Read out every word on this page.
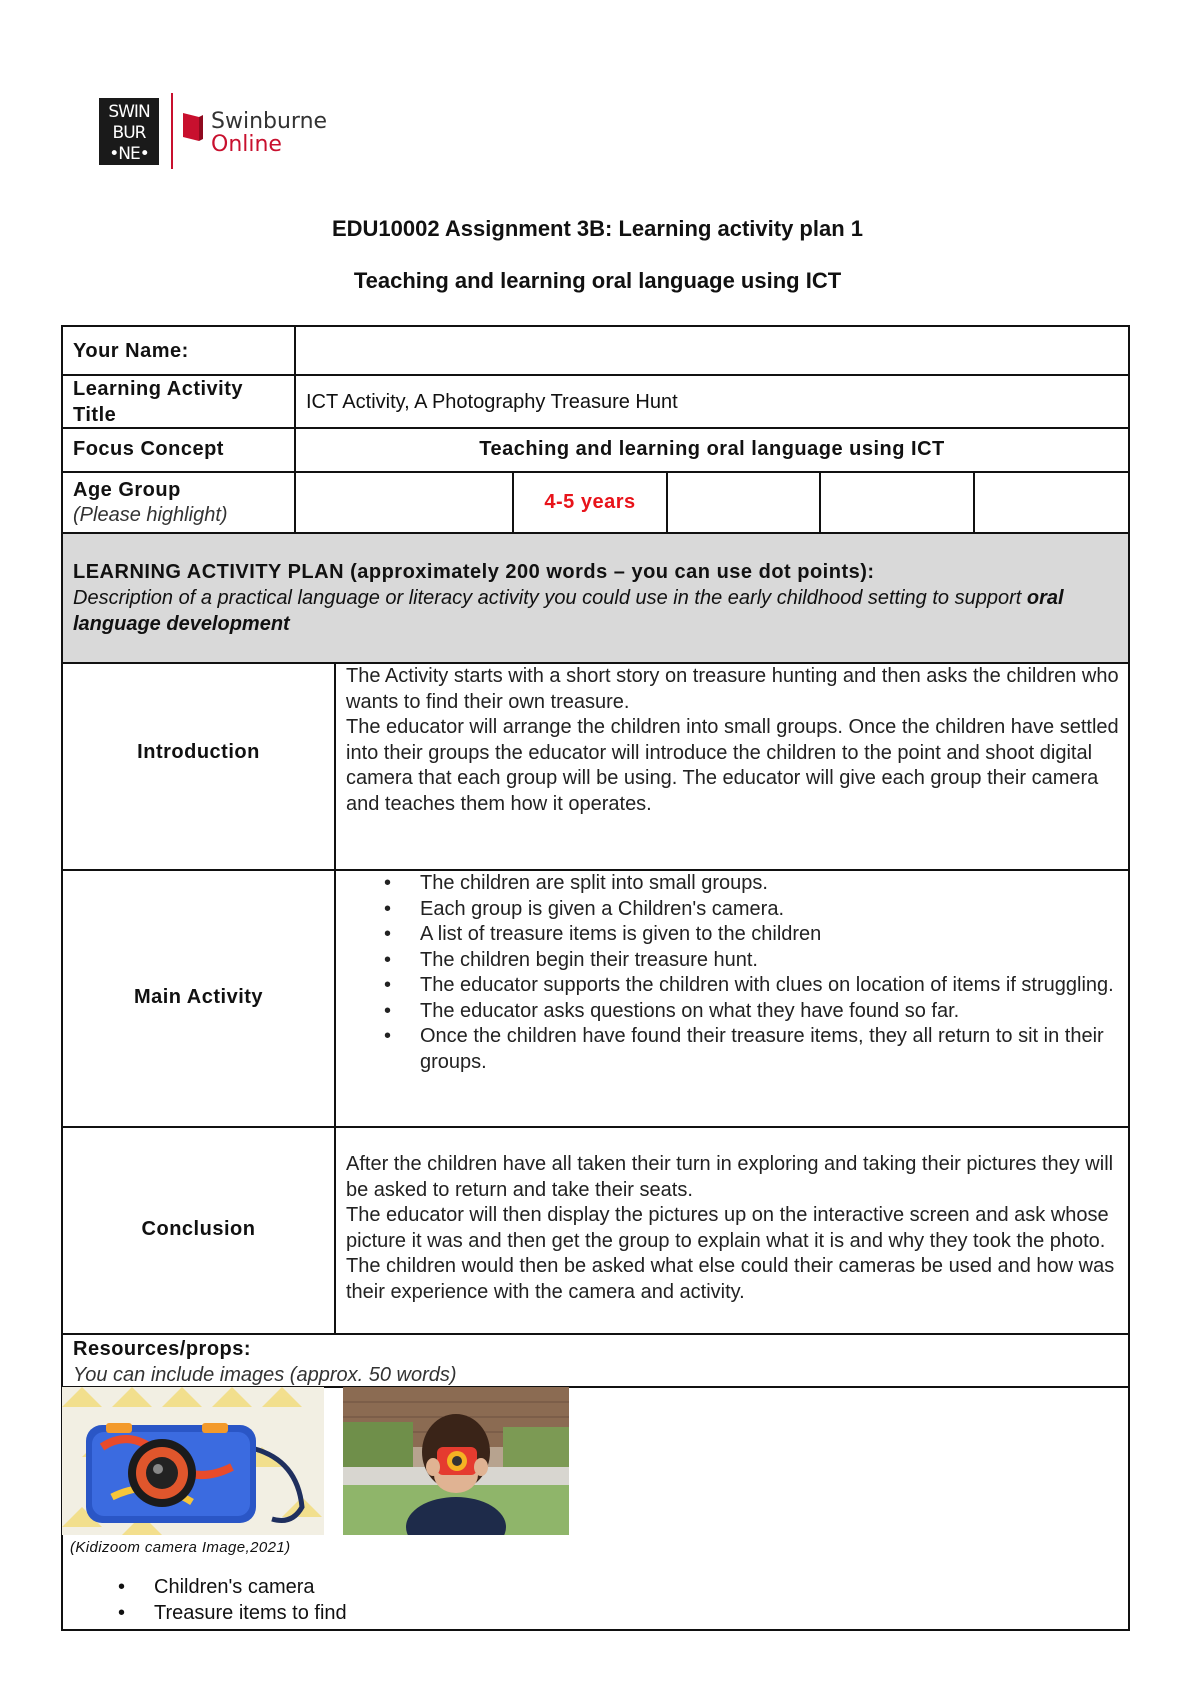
SWIN
BUR
•NE•
Swinburne
Online
EDU10002 Assignment 3B: Learning activity plan 1
Teaching and learning oral language using ICT
Your Name:
Learning Activity Title
ICT Activity, A Photography Treasure Hunt
Focus Concept	Teaching and learning oral language using ICT
Age Group
(Please highlight)
4-5 years
LEARNING ACTIVITY PLAN (approximately 200 words – you can use dot points):
Description of a practical language or literacy activity you could use in the early childhood setting to support oral language development
Introduction
The Activity starts with a short story on treasure hunting and then asks the children who wants to find their own treasure.
The educator will arrange the children into small groups. Once the children have settled into their groups the educator will introduce the children to the point and shoot digital camera that each group will be using. The educator will give each group their camera and teaches them how it operates.
Main Activity
• The children are split into small groups.
• Each group is given a Children's camera.
• A list of treasure items is given to the children
• The children begin their treasure hunt.
• The educator supports the children with clues on location of items if struggling.
• The educator asks questions on what they have found so far.
• Once the children have found their treasure items, they all return to sit in their groups.
Conclusion
After the children have all taken their turn in exploring and taking their pictures they will be asked to return and take their seats.
The educator will then display the pictures up on the interactive screen and ask whose picture it was and then get the group to explain what it is and why they took the photo.
The children would then be asked what else could their cameras be used and how was their experience with the camera and activity.
Resources/props:
You can include images (approx. 50 words)
(Kidizoom camera Image,2021)
• Children's camera
• Treasure items to find
